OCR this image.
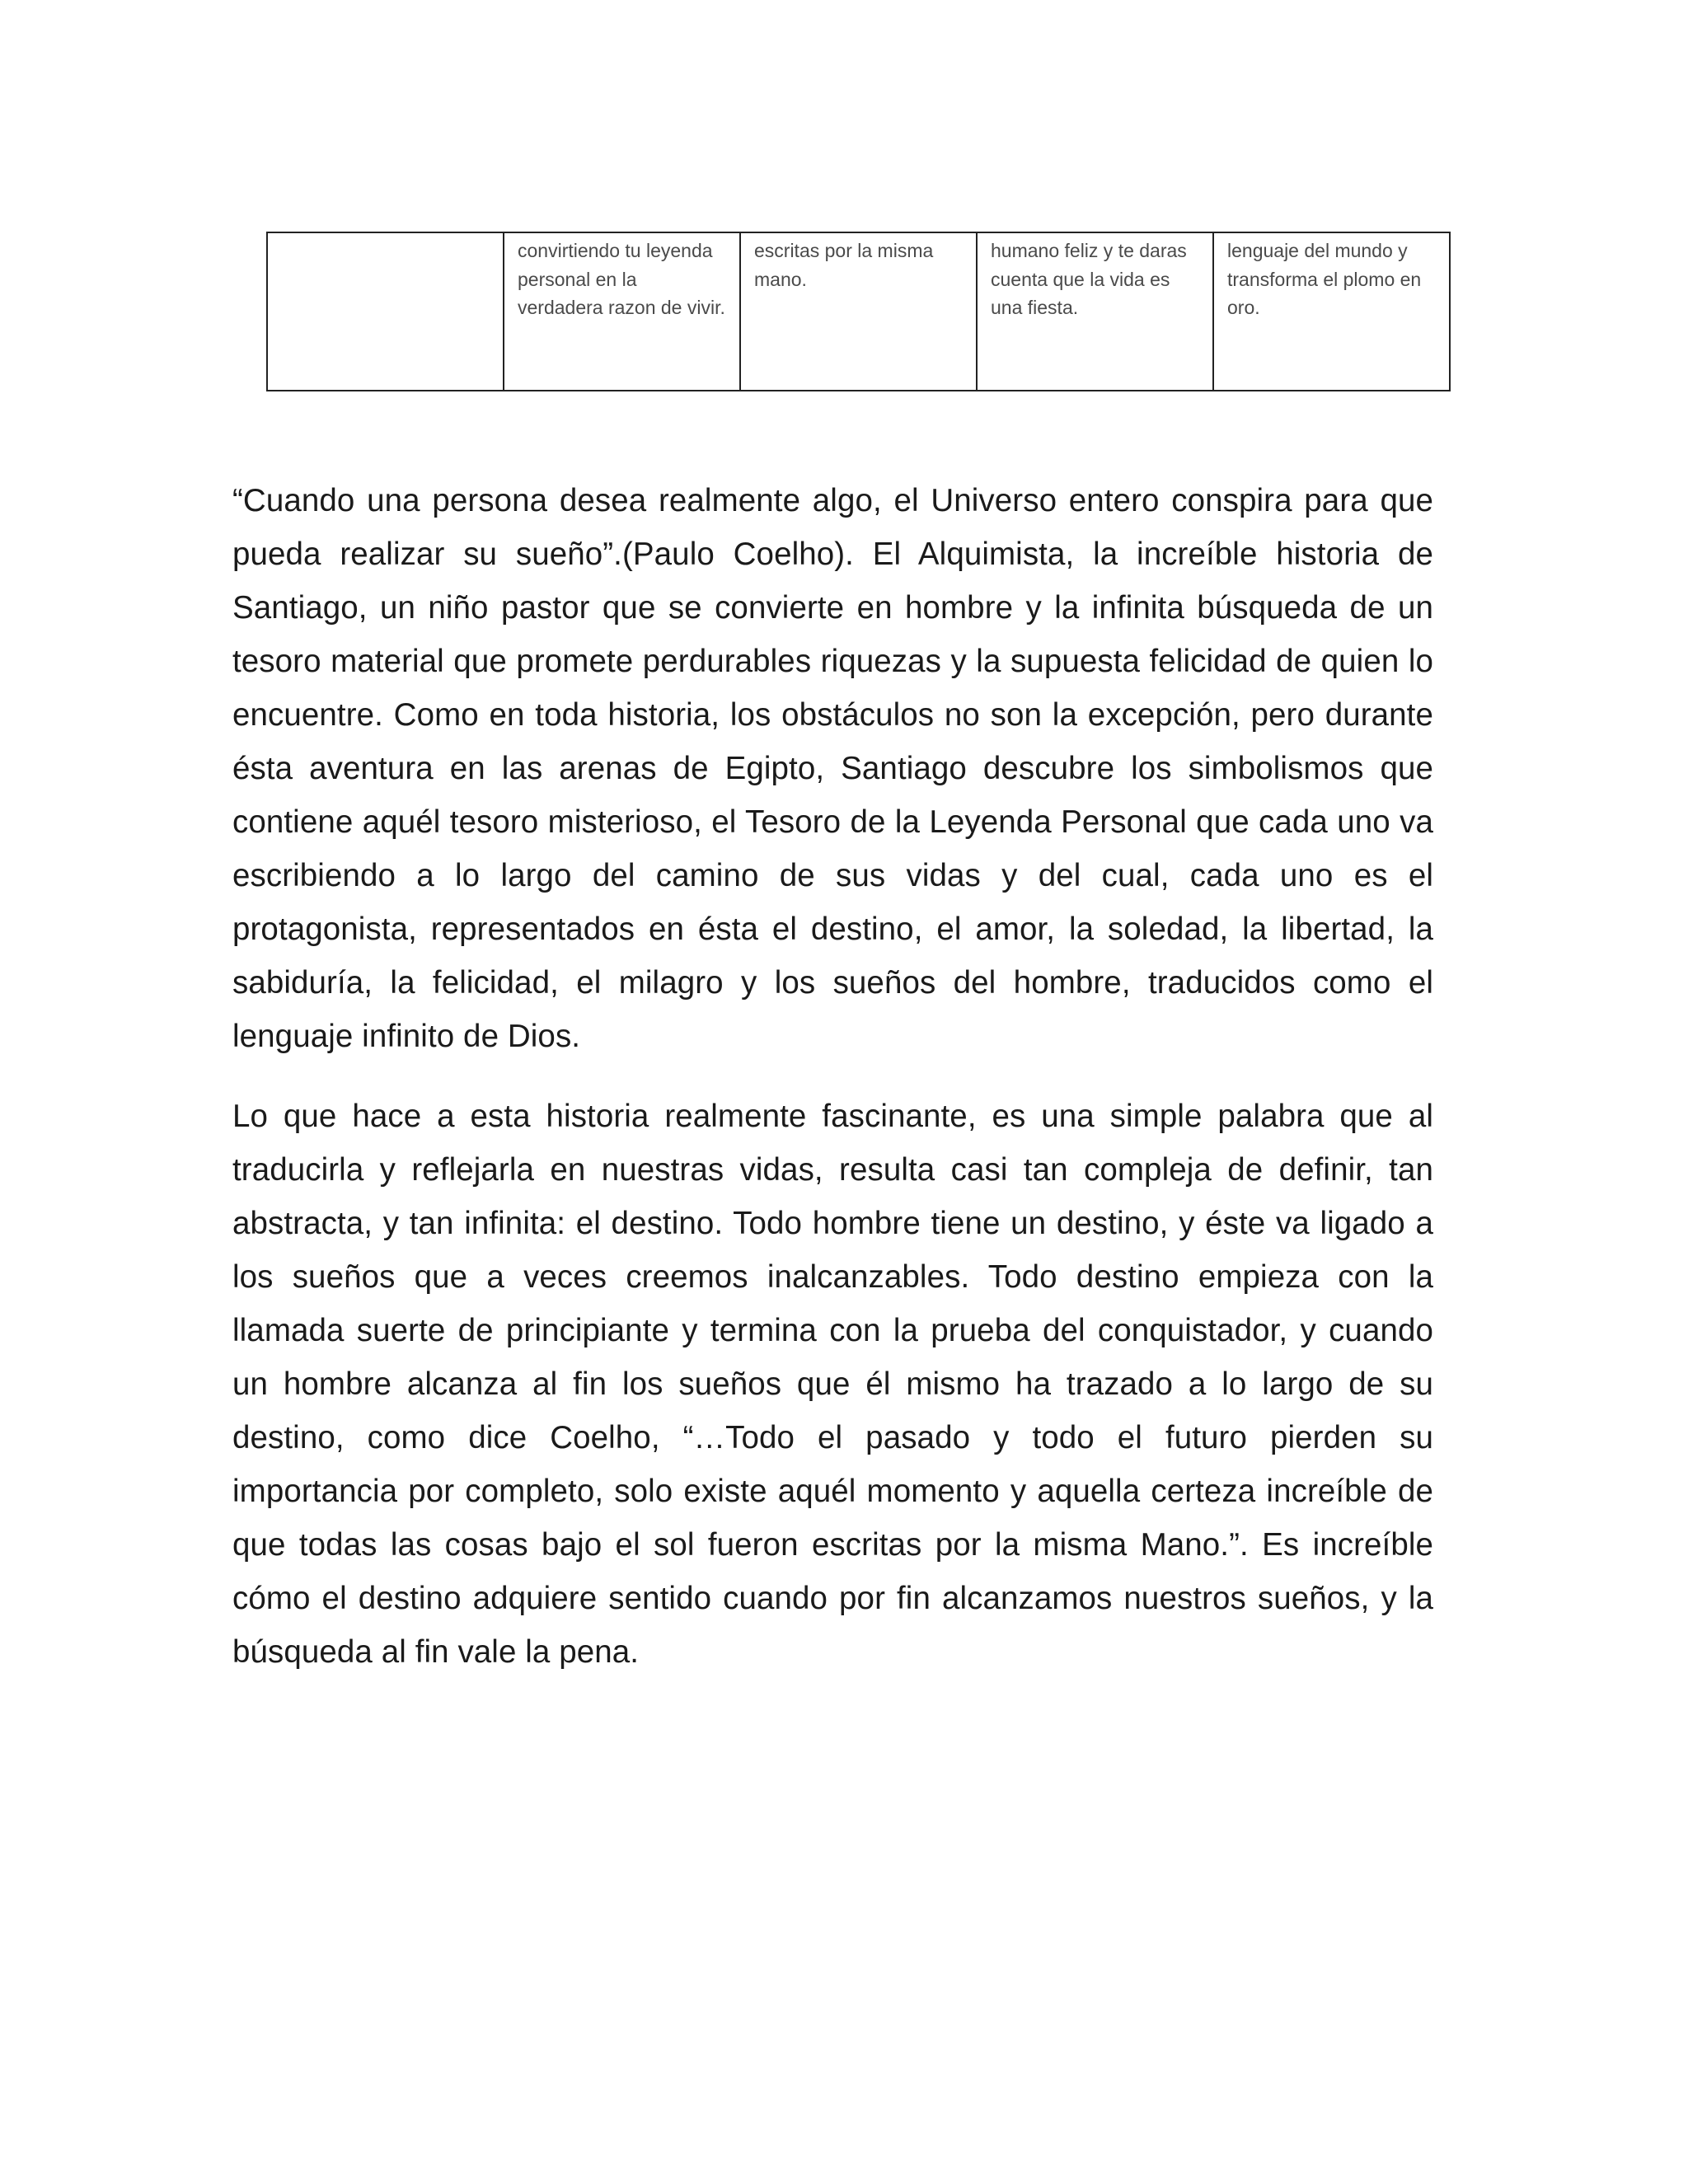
	convirtiendo tu leyenda personal en la verdadera razon de vivir.	escritas por la misma mano.	humano feliz y te daras cuenta que la vida es una fiesta.	lenguaje del mundo y transforma el plomo en oro.

“Cuando una persona desea realmente algo, el Universo entero conspira para que pueda realizar su sueño”.(Paulo Coelho). El Alquimista, la increíble historia de Santiago, un niño pastor que se convierte en hombre y la infinita búsqueda de un tesoro material que promete perdurables riquezas y la supuesta felicidad de quien lo encuentre. Como en toda historia, los obstáculos no son la excepción, pero durante ésta aventura en las arenas de Egipto, Santiago descubre los simbolismos que contiene aquél tesoro misterioso, el Tesoro de la Leyenda Personal que cada uno va escribiendo a lo largo del camino de sus vidas y del cual, cada uno es el protagonista, representados en ésta el destino, el amor, la soledad, la libertad, la sabiduría, la felicidad, el milagro y los sueños del hombre, traducidos como el lenguaje infinito de Dios.

Lo que hace a esta historia realmente fascinante, es una simple palabra que al traducirla y reflejarla en nuestras vidas, resulta casi tan compleja de definir, tan abstracta, y tan infinita: el destino. Todo hombre tiene un destino, y éste va ligado a los sueños que a veces creemos inalcanzables. Todo destino empieza con la llamada suerte de principiante y termina con la prueba del conquistador, y cuando un hombre alcanza al fin los sueños que él mismo ha trazado a lo largo de su destino, como dice Coelho, “…Todo el pasado y todo el futuro pierden su importancia por completo, solo existe aquél momento y aquella certeza increíble de que todas las cosas bajo el sol fueron escritas por la misma Mano.”. Es increíble cómo el destino adquiere sentido cuando por fin alcanzamos nuestros sueños, y la búsqueda al fin vale la pena.
